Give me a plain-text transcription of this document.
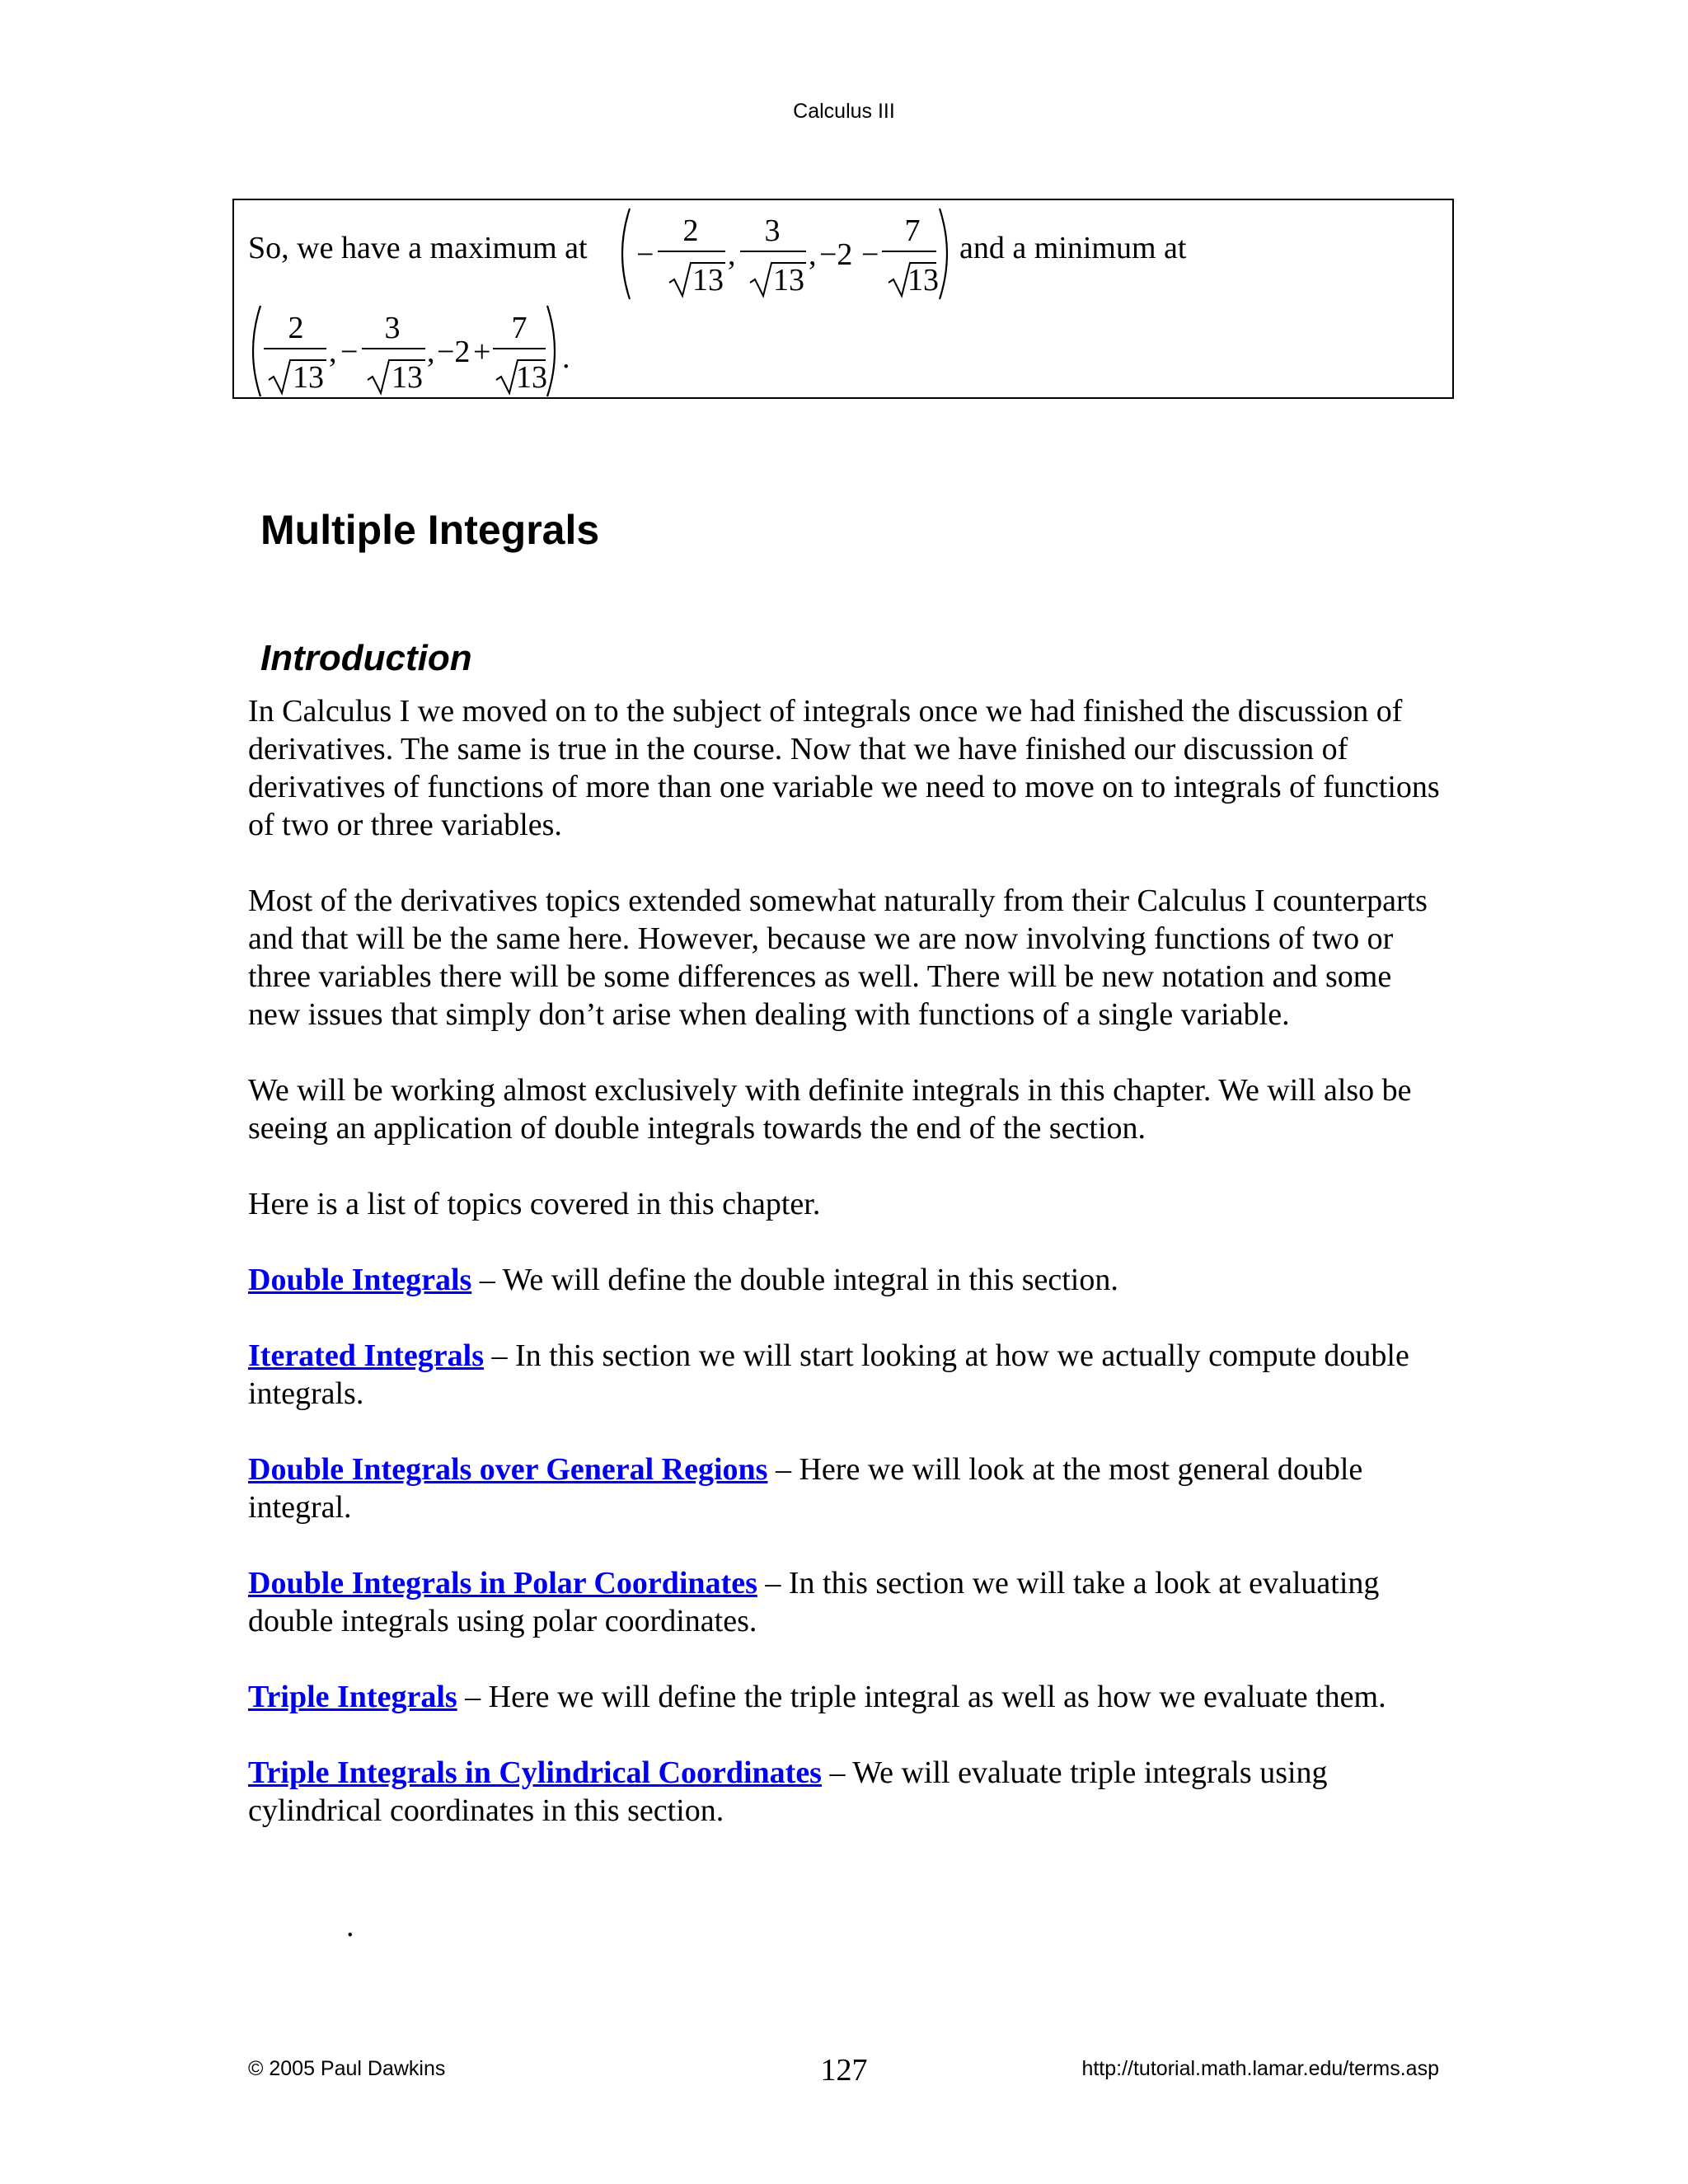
Calculus III
So, we have a maximum at −
2
13
,
3
13
, −2 −
7
13
and a minimum at
2
13
, −
3
13
, −2 +
7
13
.
Multiple Integrals
Introduction

In Calculus I we moved on to the subject of integrals once we had finished the discussion of derivatives. The same is true in the course. Now that we have finished our discussion of derivatives of functions of more than one variable we need to move on to integrals of functions of two or three variables.

Most of the derivatives topics extended somewhat naturally from their Calculus I counterparts and that will be the same here. However, because we are now involving functions of two or three variables there will be some differences as well. There will be new notation and some new issues that simply don’t arise when dealing with functions of a single variable.

We will be working almost exclusively with definite integrals in this chapter. We will also be seeing an application of double integrals towards the end of the section.

Here is a list of topics covered in this chapter.

Double Integrals – We will define the double integral in this section.

Iterated Integrals – In this section we will start looking at how we actually compute double integrals.

Double Integrals over General Regions – Here we will look at the most general double integral.

Double Integrals in Polar Coordinates – In this section we will take a look at evaluating double integrals using polar coordinates.

Triple Integrals – Here we will define the triple integral as well as how we evaluate them.

Triple Integrals in Cylindrical Coordinates – We will evaluate triple integrals using cylindrical coordinates in this section.

.
© 2005 Paul Dawkins	127	http://tutorial.math.lamar.edu/terms.asp
